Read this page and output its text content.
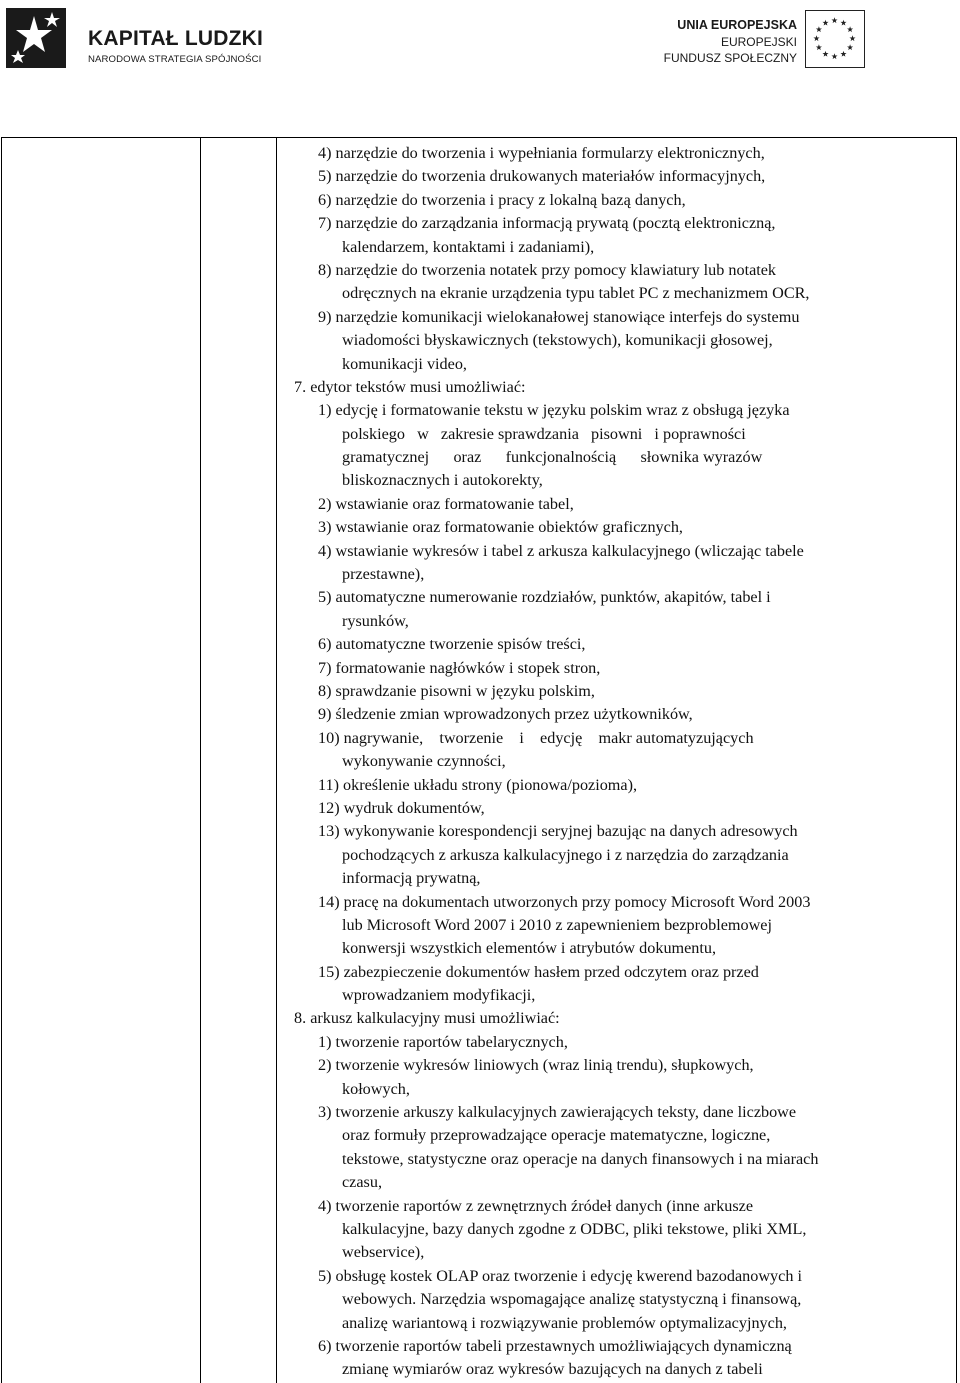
KAPITAŁ LUDZKI
NARODOWA STRATEGIA SPÓJNOŚCI
UNIA EUROPEJSKA
EUROPEJSKI
FUNDUSZ SPOŁECZNY
4) narzędzie do tworzenia i wypełniania formularzy elektronicznych,
5) narzędzie do tworzenia drukowanych materiałów informacyjnych,
6) narzędzie do tworzenia i pracy z lokalną bazą danych,
7) narzędzie do zarządzania informacją prywatą (pocztą elektroniczną,
kalendarzem, kontaktami i zadaniami),
8) narzędzie do tworzenia notatek przy pomocy klawiatury lub notatek
odręcznych na ekranie urządzenia typu tablet PC z mechanizmem OCR,
9) narzędzie komunikacji wielokanałowej stanowiące interfejs do systemu
wiadomości błyskawicznych (tekstowych), komunikacji głosowej,
komunikacji video,
7. edytor tekstów musi umożliwiać:
1) edycję i formatowanie tekstu w języku polskim wraz z obsługą języka
polskiego   w   zakresie sprawdzania   pisowni   i poprawności
gramatycznej      oraz      funkcjonalnością      słownika wyrazów
bliskoznacznych i autokorekty,
2) wstawianie oraz formatowanie tabel,
3) wstawianie oraz formatowanie obiektów graficznych,
4) wstawianie wykresów i tabel z arkusza kalkulacyjnego (wliczając tabele
przestawne),
5) automatyczne numerowanie rozdziałów, punktów, akapitów, tabel i
rysunków,
6) automatyczne tworzenie spisów treści,
7) formatowanie nagłówków i stopek stron,
8) sprawdzanie pisowni w języku polskim,
9) śledzenie zmian wprowadzonych przez użytkowników,
10) nagrywanie,    tworzenie    i    edycję    makr automatyzujących
wykonywanie czynności,
11) określenie układu strony (pionowa/pozioma),
12) wydruk dokumentów,
13) wykonywanie korespondencji seryjnej bazując na danych adresowych
pochodzących z arkusza kalkulacyjnego i z narzędzia do zarządzania
informacją prywatną,
14) pracę na dokumentach utworzonych przy pomocy Microsoft Word 2003
lub Microsoft Word 2007 i 2010 z zapewnieniem bezproblemowej
konwersji wszystkich elementów i atrybutów dokumentu,
15) zabezpieczenie dokumentów hasłem przed odczytem oraz przed
wprowadzaniem modyfikacji,
8. arkusz kalkulacyjny musi umożliwiać:
1) tworzenie raportów tabelarycznych,
2) tworzenie wykresów liniowych (wraz linią trendu), słupkowych,
kołowych,
3) tworzenie arkuszy kalkulacyjnych zawierających teksty, dane liczbowe
oraz formuły przeprowadzające operacje matematyczne, logiczne,
tekstowe, statystyczne oraz operacje na danych finansowych i na miarach
czasu,
4) tworzenie raportów z zewnętrznych źródeł danych (inne arkusze
kalkulacyjne, bazy danych zgodne z ODBC, pliki tekstowe, pliki XML,
webservice),
5) obsługę kostek OLAP oraz tworzenie i edycję kwerend bazodanowych i
webowych. Narzędzia wspomagające analizę statystyczną i finansową,
analizę wariantową i rozwiązywanie problemów optymalizacyjnych,
6) tworzenie raportów tabeli przestawnych umożliwiających dynamiczną
zmianę wymiarów oraz wykresów bazujących na danych z tabeli
